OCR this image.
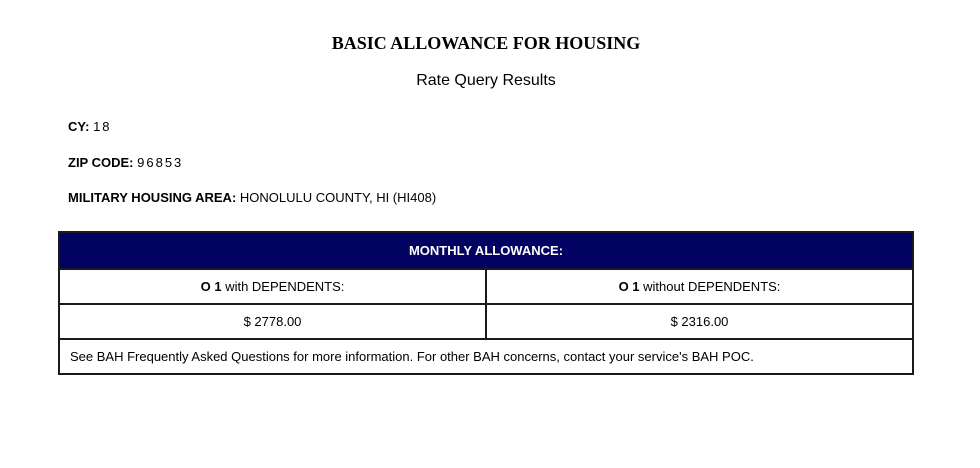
BASIC ALLOWANCE FOR HOUSING
Rate Query Results
CY: 18
ZIP CODE: 96853
MILITARY HOUSING AREA: HONOLULU COUNTY, HI (HI408)
MONTHLY ALLOWANCE:	
O 1 with DEPENDENTS:	O 1 without DEPENDENTS:
$ 2778.00	$ 2316.00
See BAH Frequently Asked Questions for more information. For other BAH concerns, contact your service's BAH POC.	
